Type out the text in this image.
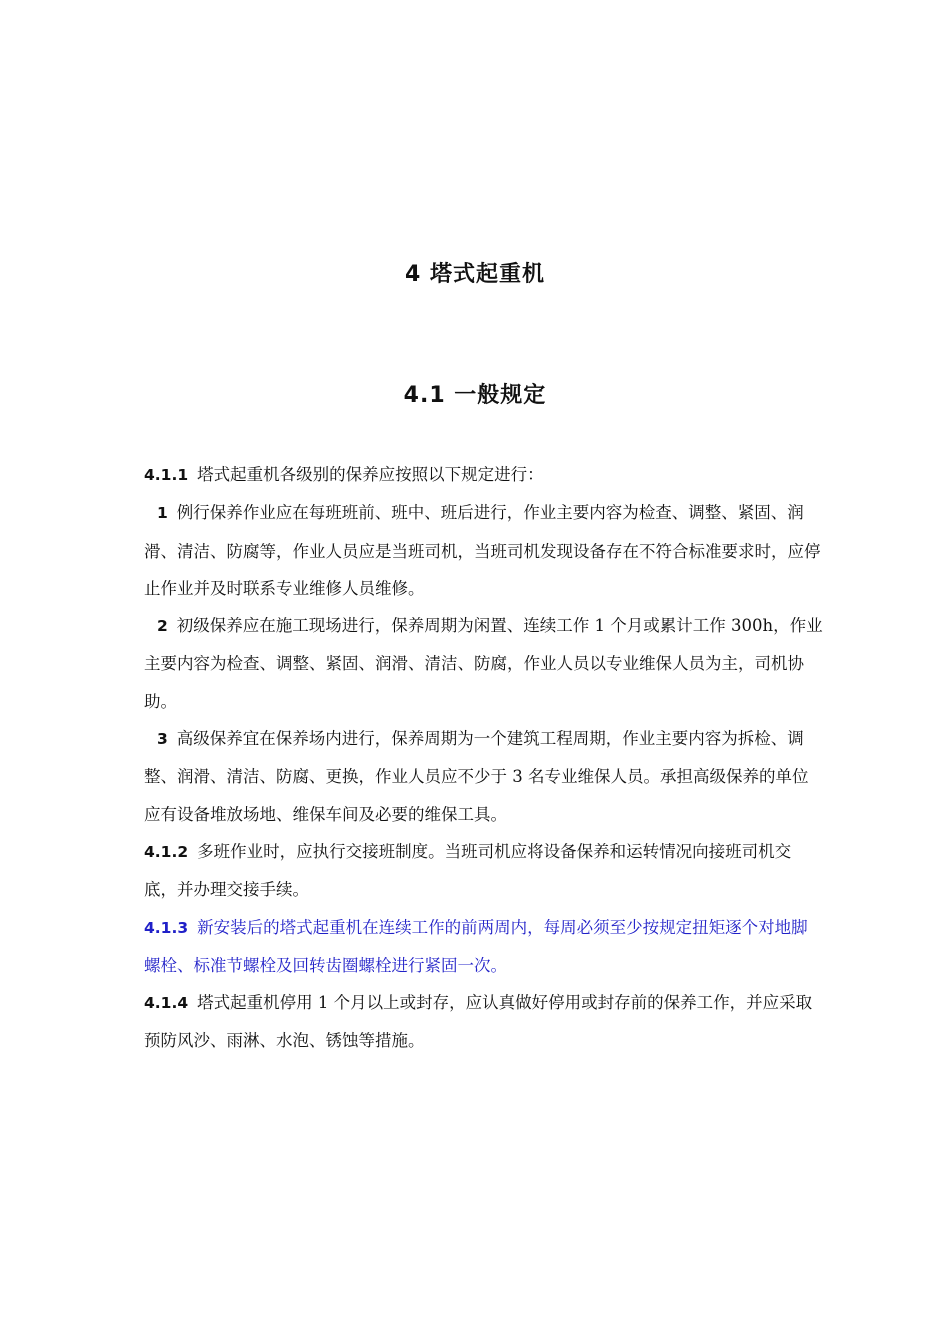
4 塔式起重机
4.1 一般规定

4.1.1 塔式起重机各级别的保养应按照以下规定进行：

1 例行保养作业应在每班班前、班中、班后进行，作业主要内容为检查、调整、紧固、润滑、清洁、防腐等，作业人员应是当班司机，当班司机发现设备存在不符合标准要求时，应停止作业并及时联系专业维修人员维修。

2 初级保养应在施工现场进行，保养周期为闲置、连续工作 1 个月或累计工作 300h，作业主要内容为检查、调整、紧固、润滑、清洁、防腐，作业人员以专业维保人员为主，司机协助。

3 高级保养宜在保养场内进行，保养周期为一个建筑工程周期，作业主要内容为拆检、调整、润滑、清洁、防腐、更换，作业人员应不少于 3 名专业维保人员。承担高级保养的单位应有设备堆放场地、维保车间及必要的维保工具。

4.1.2 多班作业时，应执行交接班制度。当班司机应将设备保养和运转情况向接班司机交底，并办理交接手续。

4.1.3 新安装后的塔式起重机在连续工作的前两周内，每周必须至少按规定扭矩逐个对地脚螺栓、标准节螺栓及回转齿圈螺栓进行紧固一次。

4.1.4 塔式起重机停用 1 个月以上或封存，应认真做好停用或封存前的保养工作，并应采取预防风沙、雨淋、水泡、锈蚀等措施。
